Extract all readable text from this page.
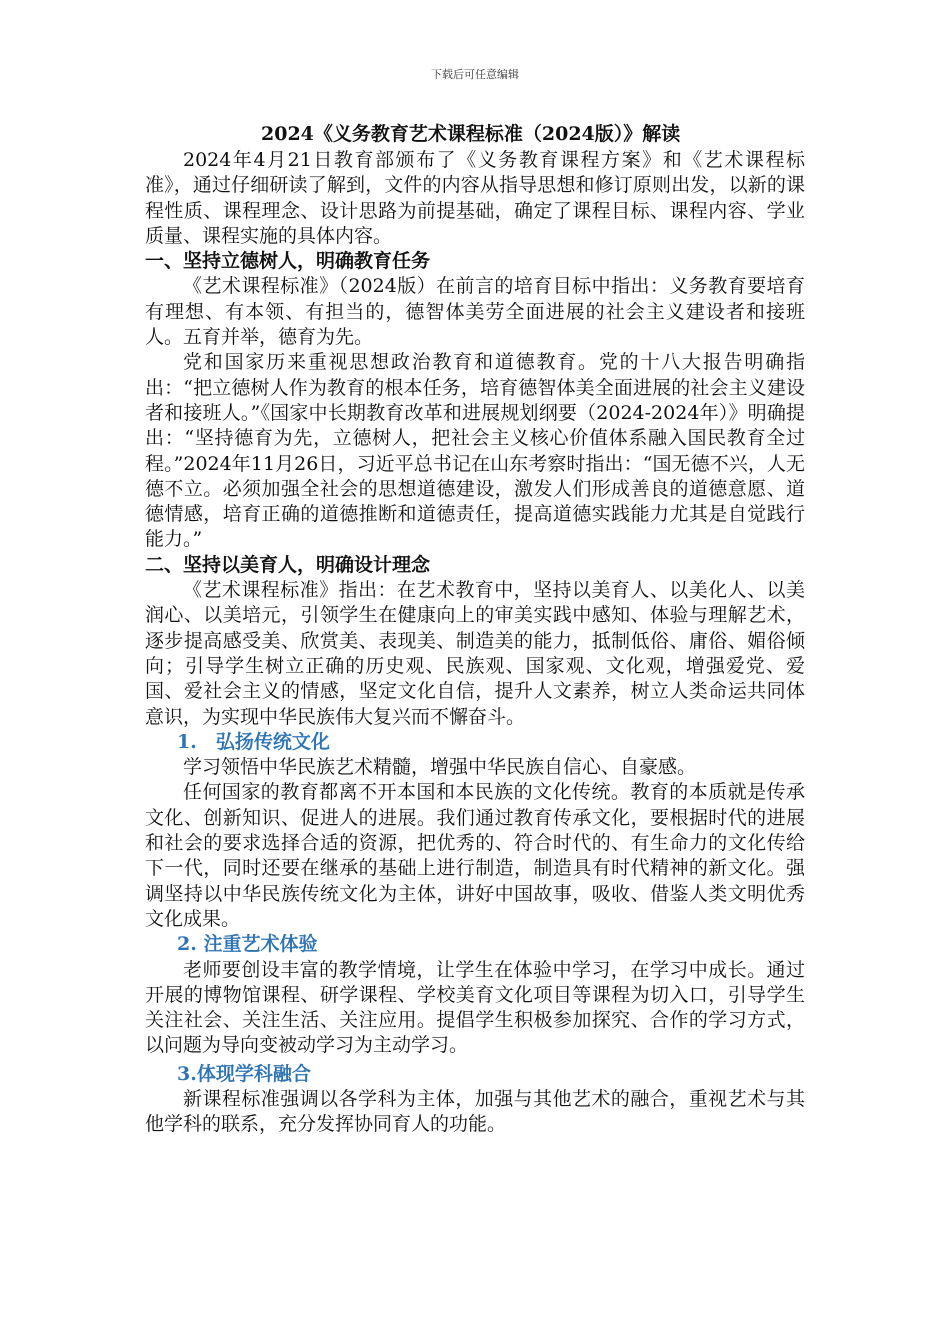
下载后可任意编辑
2024《义务教育艺术课程标准（2024版）》解读

2024年4月21日教育部颁布了《义务教育课程方案》和《艺术课程标准》，通过仔细研读了解到，文件的内容从指导思想和修订原则出发，以新的课程性质、课程理念、设计思路为前提基础，确定了课程目标、课程内容、学业质量、课程实施的具体内容。

一、坚持立德树人，明确教育任务

《艺术课程标准》（2024版）在前言的培育目标中指出：义务教育要培育有理想、有本领、有担当的，德智体美劳全面进展的社会主义建设者和接班人。五育并举，德育为先。

党和国家历来重视思想政治教育和道德教育。党的十八大报告明确指出：“把立德树人作为教育的根本任务，培育德智体美全面进展的社会主义建设者和接班人。”《国家中长期教育改革和进展规划纲要（2024-2024年）》明确提出：“坚持德育为先，立德树人，把社会主义核心价值体系融入国民教育全过程。”2024年11月26日，习近平总书记在山东考察时指出：“国无德不兴，人无德不立。必须加强全社会的思想道德建设，激发人们形成善良的道德意愿、道德情感，培育正确的道德推断和道德责任，提高道德实践能力尤其是自觉践行能力。”

二、坚持以美育人，明确设计理念

《艺术课程标准》指出：在艺术教育中，坚持以美育人、以美化人、以美润心、以美培元，引领学生在健康向上的审美实践中感知、体验与理解艺术，逐步提高感受美、欣赏美、表现美、制造美的能力，抵制低俗、庸俗、媚俗倾向；引导学生树立正确的历史观、民族观、国家观、文化观，增强爱党、爱国、爱社会主义的情感，坚定文化自信，提升人文素养，树立人类命运共同体意识，为实现中华民族伟大复兴而不懈奋斗。

1.　弘扬传统文化

学习领悟中华民族艺术精髓，增强中华民族自信心、自豪感。

任何国家的教育都离不开本国和本民族的文化传统。教育的本质就是传承文化、创新知识、促进人的进展。我们通过教育传承文化，要根据时代的进展和社会的要求选择合适的资源，把优秀的、符合时代的、有生命力的文化传给下一代，同时还要在继承的基础上进行制造，制造具有时代精神的新文化。强调坚持以中华民族传统文化为主体，讲好中国故事，吸收、借鉴人类文明优秀文化成果。

2. 注重艺术体验

老师要创设丰富的教学情境，让学生在体验中学习，在学习中成长。通过开展的博物馆课程、研学课程、学校美育文化项目等课程为切入口，引导学生关注社会、关注生活、关注应用。提倡学生积极参加探究、合作的学习方式，以问题为导向变被动学习为主动学习。

3.体现学科融合

新课程标准强调以各学科为主体，加强与其他艺术的融合，重视艺术与其他学科的联系，充分发挥协同育人的功能。
